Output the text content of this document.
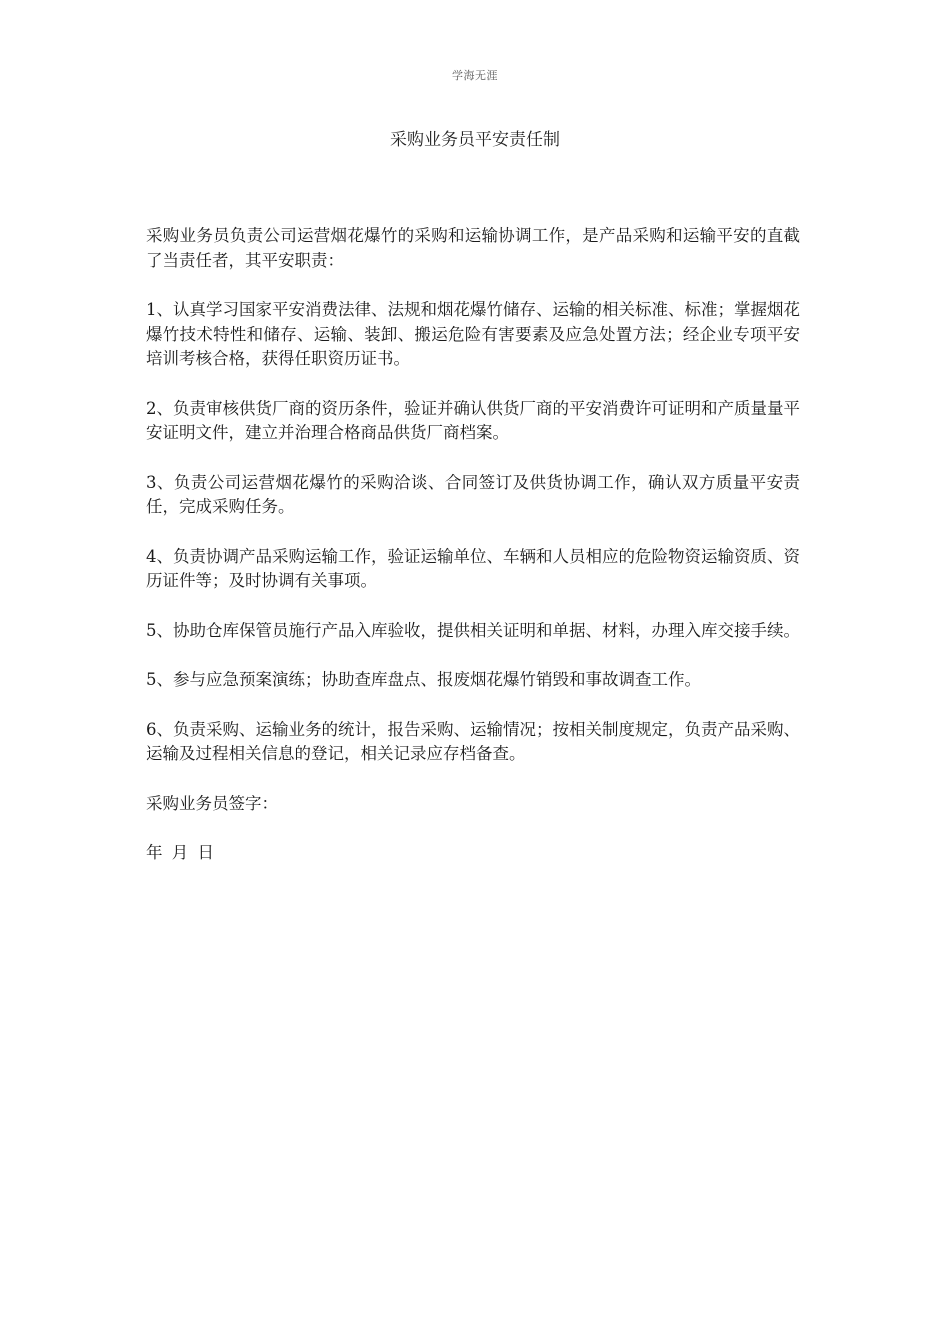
学海无涯
采购业务员平安责任制

采购业务员负责公司运营烟花爆竹的采购和运输协调工作，是产品采购和运输平安的直截了当责任者，其平安职责：

1、认真学习国家平安消费法律、法规和烟花爆竹储存、运输的相关标准、标准；掌握烟花爆竹技术特性和储存、运输、装卸、搬运危险有害要素及应急处置方法；经企业专项平安培训考核合格，获得任职资历证书。

2、负责审核供货厂商的资历条件，验证并确认供货厂商的平安消费许可证明和产质量量平安证明文件，建立并治理合格商品供货厂商档案。

3、负责公司运营烟花爆竹的采购洽谈、合同签订及供货协调工作，确认双方质量平安责任，完成采购任务。

4、负责协调产品采购运输工作，验证运输单位、车辆和人员相应的危险物资运输资质、资历证件等；及时协调有关事项。

5、协助仓库保管员施行产品入库验收，提供相关证明和单据、材料，办理入库交接手续。

5、参与应急预案演练；协助查库盘点、报废烟花爆竹销毁和事故调查工作。

6、负责采购、运输业务的统计，报告采购、运输情况；按相关制度规定，负责产品采购、运输及过程相关信息的登记，相关记录应存档备查。

采购业务员签字：

年 月 日
